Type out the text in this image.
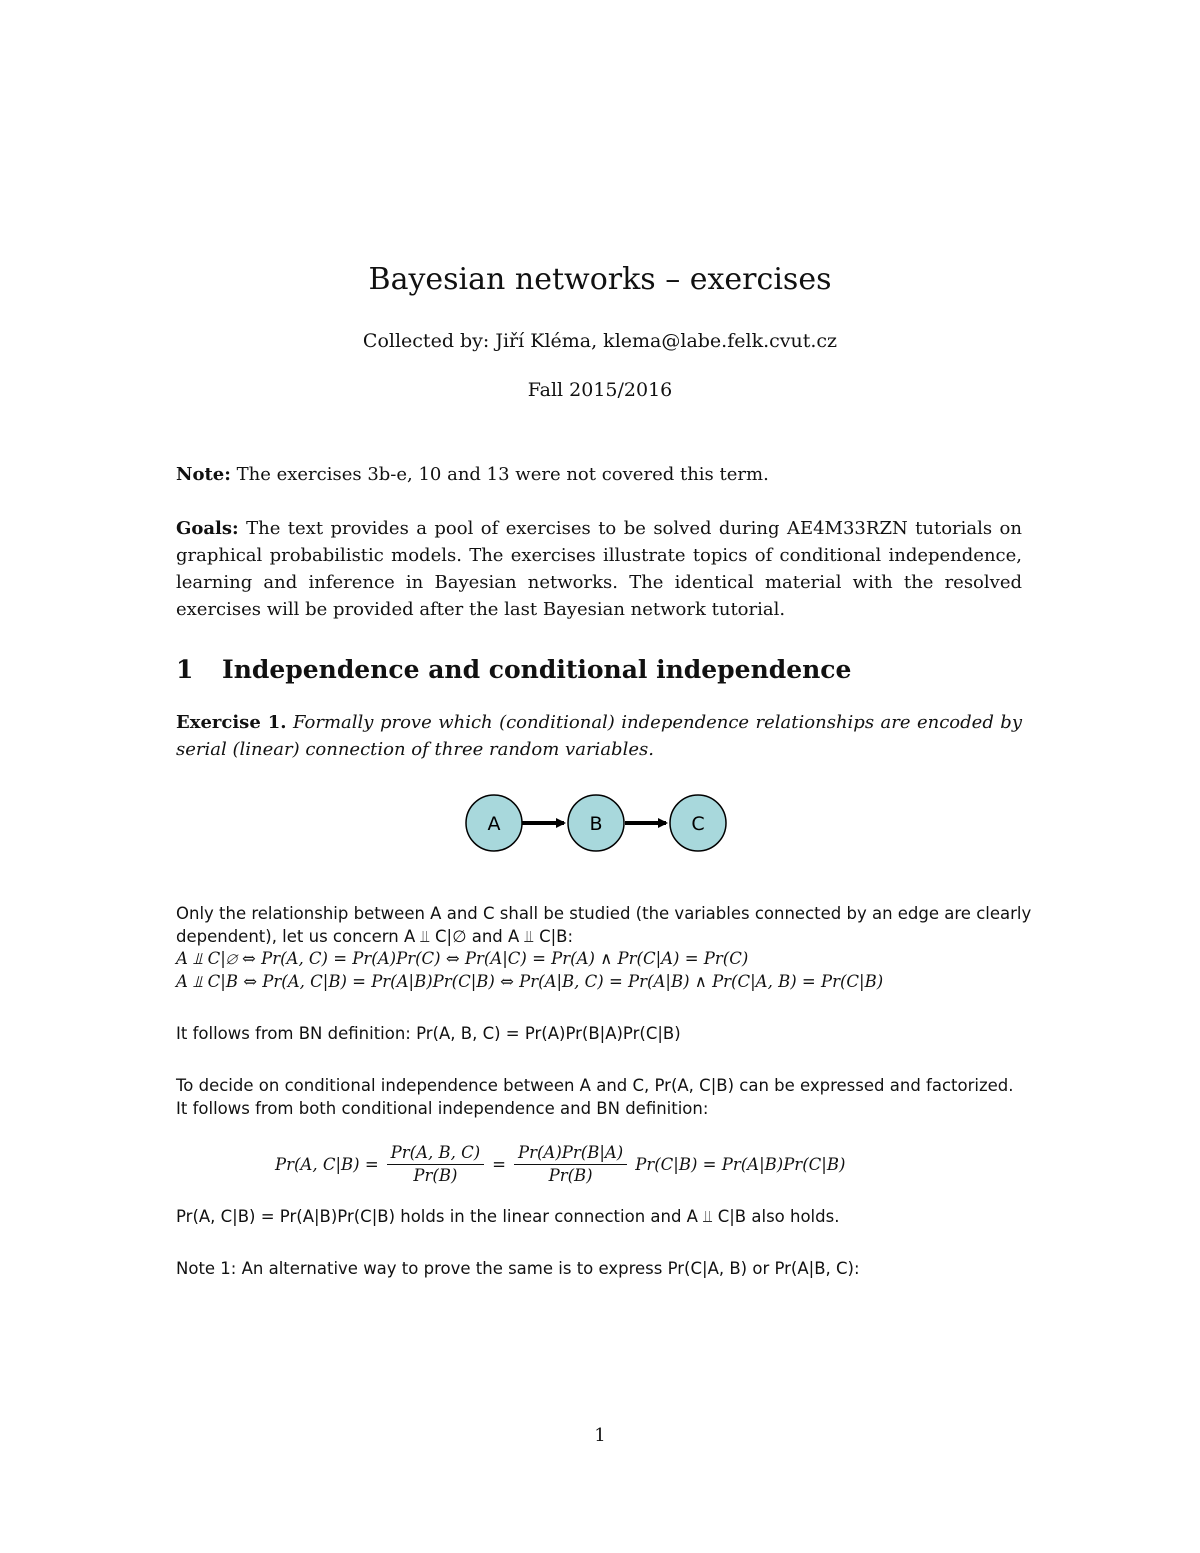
Bayesian networks – exercises
Collected by: Jiří Kléma, klema@labe.felk.cvut.cz
Fall 2015/2016
Note: The exercises 3b-e, 10 and 13 were not covered this term.
Goals: The text provides a pool of exercises to be solved during AE4M33RZN tutorials on graphical probabilistic models. The exercises illustrate topics of conditional independence, learning and inference in Bayesian networks. The identical material with the resolved exercises will be provided after the last Bayesian network tutorial.
1 Independence and conditional independence
Exercise 1. Formally prove which (conditional) independence relationships are encoded by serial (linear) connection of three random variables.
A	B	C
Only the relationship between A and C shall be studied (the variables connected by an edge are clearly
dependent), let us concern A ⫫ C|∅ and A ⫫ C|B:
A ⫫ C|∅ ⇔ Pr(A, C) = Pr(A)Pr(C) ⇔ Pr(A|C) = Pr(A) ∧ Pr(C|A) = Pr(C)
A ⫫ C|B ⇔ Pr(A, C|B) = Pr(A|B)Pr(C|B) ⇔ Pr(A|B, C) = Pr(A|B) ∧ Pr(C|A, B) = Pr(C|B)
It follows from BN definition: Pr(A, B, C) = Pr(A)Pr(B|A)Pr(C|B)
To decide on conditional independence between A and C, Pr(A, C|B) can be expressed and factorized.
It follows from both conditional independence and BN definition:
Pr(A, $C|B) = \frac{Pr(A, B, C)}{Pr(B)} = \frac{Pr(A)Pr(B|A)}{Pr(B)} Pr(C|B) = Pr(A|B)Pr(C|B)$
Pr(A, C|B) = Pr(A|B)Pr(C|B) holds in the linear connection and A ⫫ C|B also holds.
Note 1: An alternative way to prove the same is to express Pr(C|A, B) or Pr(A|B, C):
1
